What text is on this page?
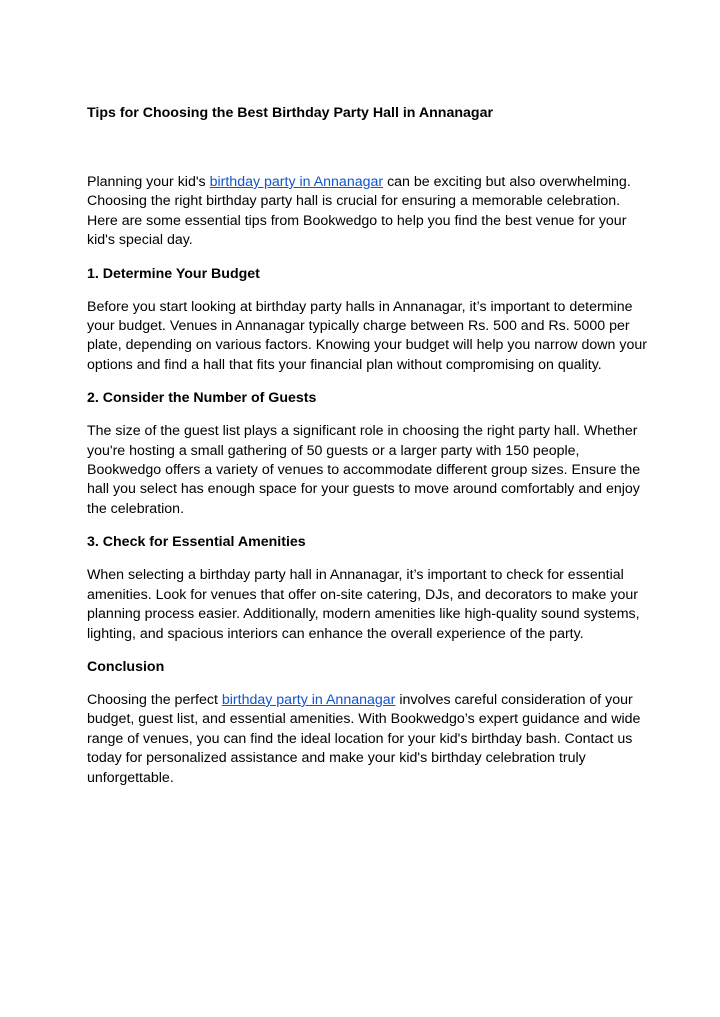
Tips for Choosing the Best Birthday Party Hall in Annanagar

Planning your kid's birthday party in Annanagar can be exciting but also overwhelming. Choosing the right birthday party hall is crucial for ensuring a memorable celebration. Here are some essential tips from Bookwedgo to help you find the best venue for your kid's special day.

1. Determine Your Budget

Before you start looking at birthday party halls in Annanagar, it’s important to determine your budget. Venues in Annanagar typically charge between Rs. 500 and Rs. 5000 per plate, depending on various factors. Knowing your budget will help you narrow down your options and find a hall that fits your financial plan without compromising on quality.

2. Consider the Number of Guests

The size of the guest list plays a significant role in choosing the right party hall. Whether you're hosting a small gathering of 50 guests or a larger party with 150 people, Bookwedgo offers a variety of venues to accommodate different group sizes. Ensure the hall you select has enough space for your guests to move around comfortably and enjoy the celebration.

3. Check for Essential Amenities

When selecting a birthday party hall in Annanagar, it’s important to check for essential amenities. Look for venues that offer on-site catering, DJs, and decorators to make your planning process easier. Additionally, modern amenities like high-quality sound systems, lighting, and spacious interiors can enhance the overall experience of the party.

Conclusion

Choosing the perfect birthday party in Annanagar involves careful consideration of your budget, guest list, and essential amenities. With Bookwedgo’s expert guidance and wide range of venues, you can find the ideal location for your kid's birthday bash. Contact us today for personalized assistance and make your kid's birthday celebration truly unforgettable.
